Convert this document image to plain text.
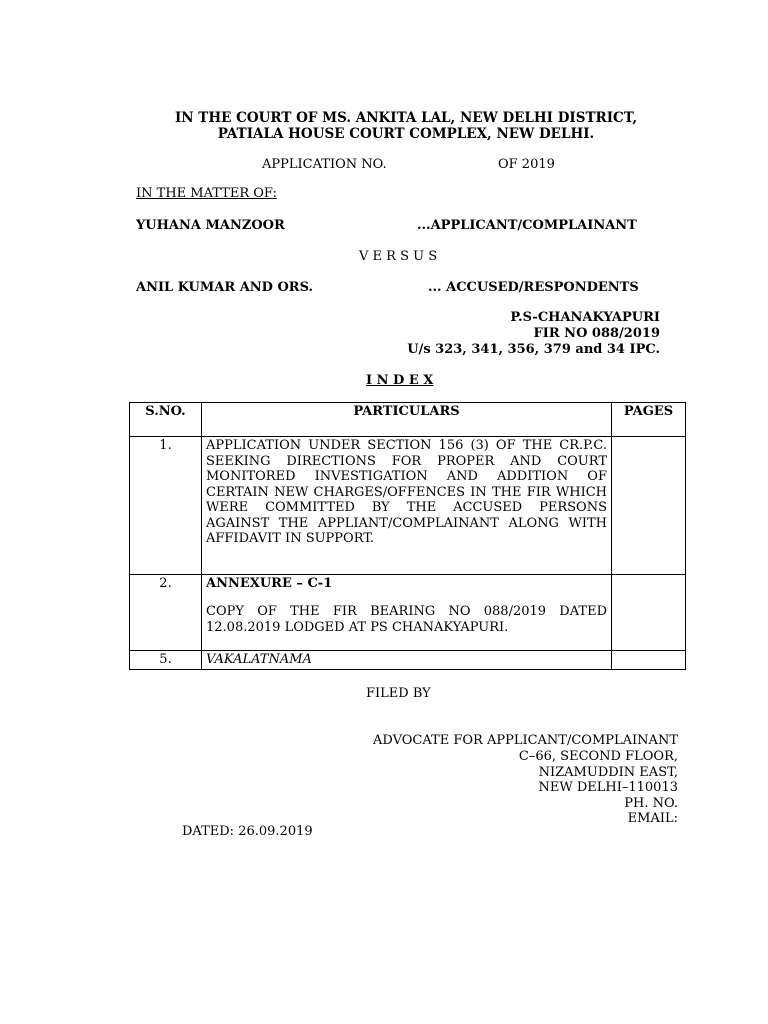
IN THE COURT OF MS. ANKITA LAL, NEW DELHI DISTRICT,
PATIALA HOUSE COURT COMPLEX, NEW DELHI.
APPLICATION NO.	OF 2019
IN THE MATTER OF:
YUHANA MANZOOR	...APPLICANT/COMPLAINANT
V E R S U S
ANIL KUMAR AND ORS.	... ACCUSED/RESPONDENTS
P.S-CHANAKYAPURI
FIR NO 088/2019
U/s 323, 341, 356, 379 and 34 IPC.
I N D E X
S.NO.	PARTICULARS	PAGES
1.	APPLICATION UNDER SECTION 156 (3) OF THE CR.P.C. SEEKING DIRECTIONS FOR PROPER AND COURT MONITORED INVESTIGATION AND ADDITION OF CERTAIN NEW CHARGES/OFFENCES IN THE FIR WHICH WERE COMMITTED BY THE ACCUSED PERSONS AGAINST THE APPLIANT/COMPLAINANT ALONG WITH AFFIDAVIT IN SUPPORT.	
2.	ANNEXURE – C-1
COPY OF THE FIR BEARING NO 088/2019 DATED 12.08.2019 LODGED AT PS CHANAKYAPURI.	

5.	VAKALATNAMA	
FILED BY
ADVOCATE FOR APPLICANT/COMPLAINANT
C–66, SECOND FLOOR,
NIZAMUDDIN EAST,
NEW DELHI–110013
PH. NO.
EMAIL:
DATED: 26.09.2019
